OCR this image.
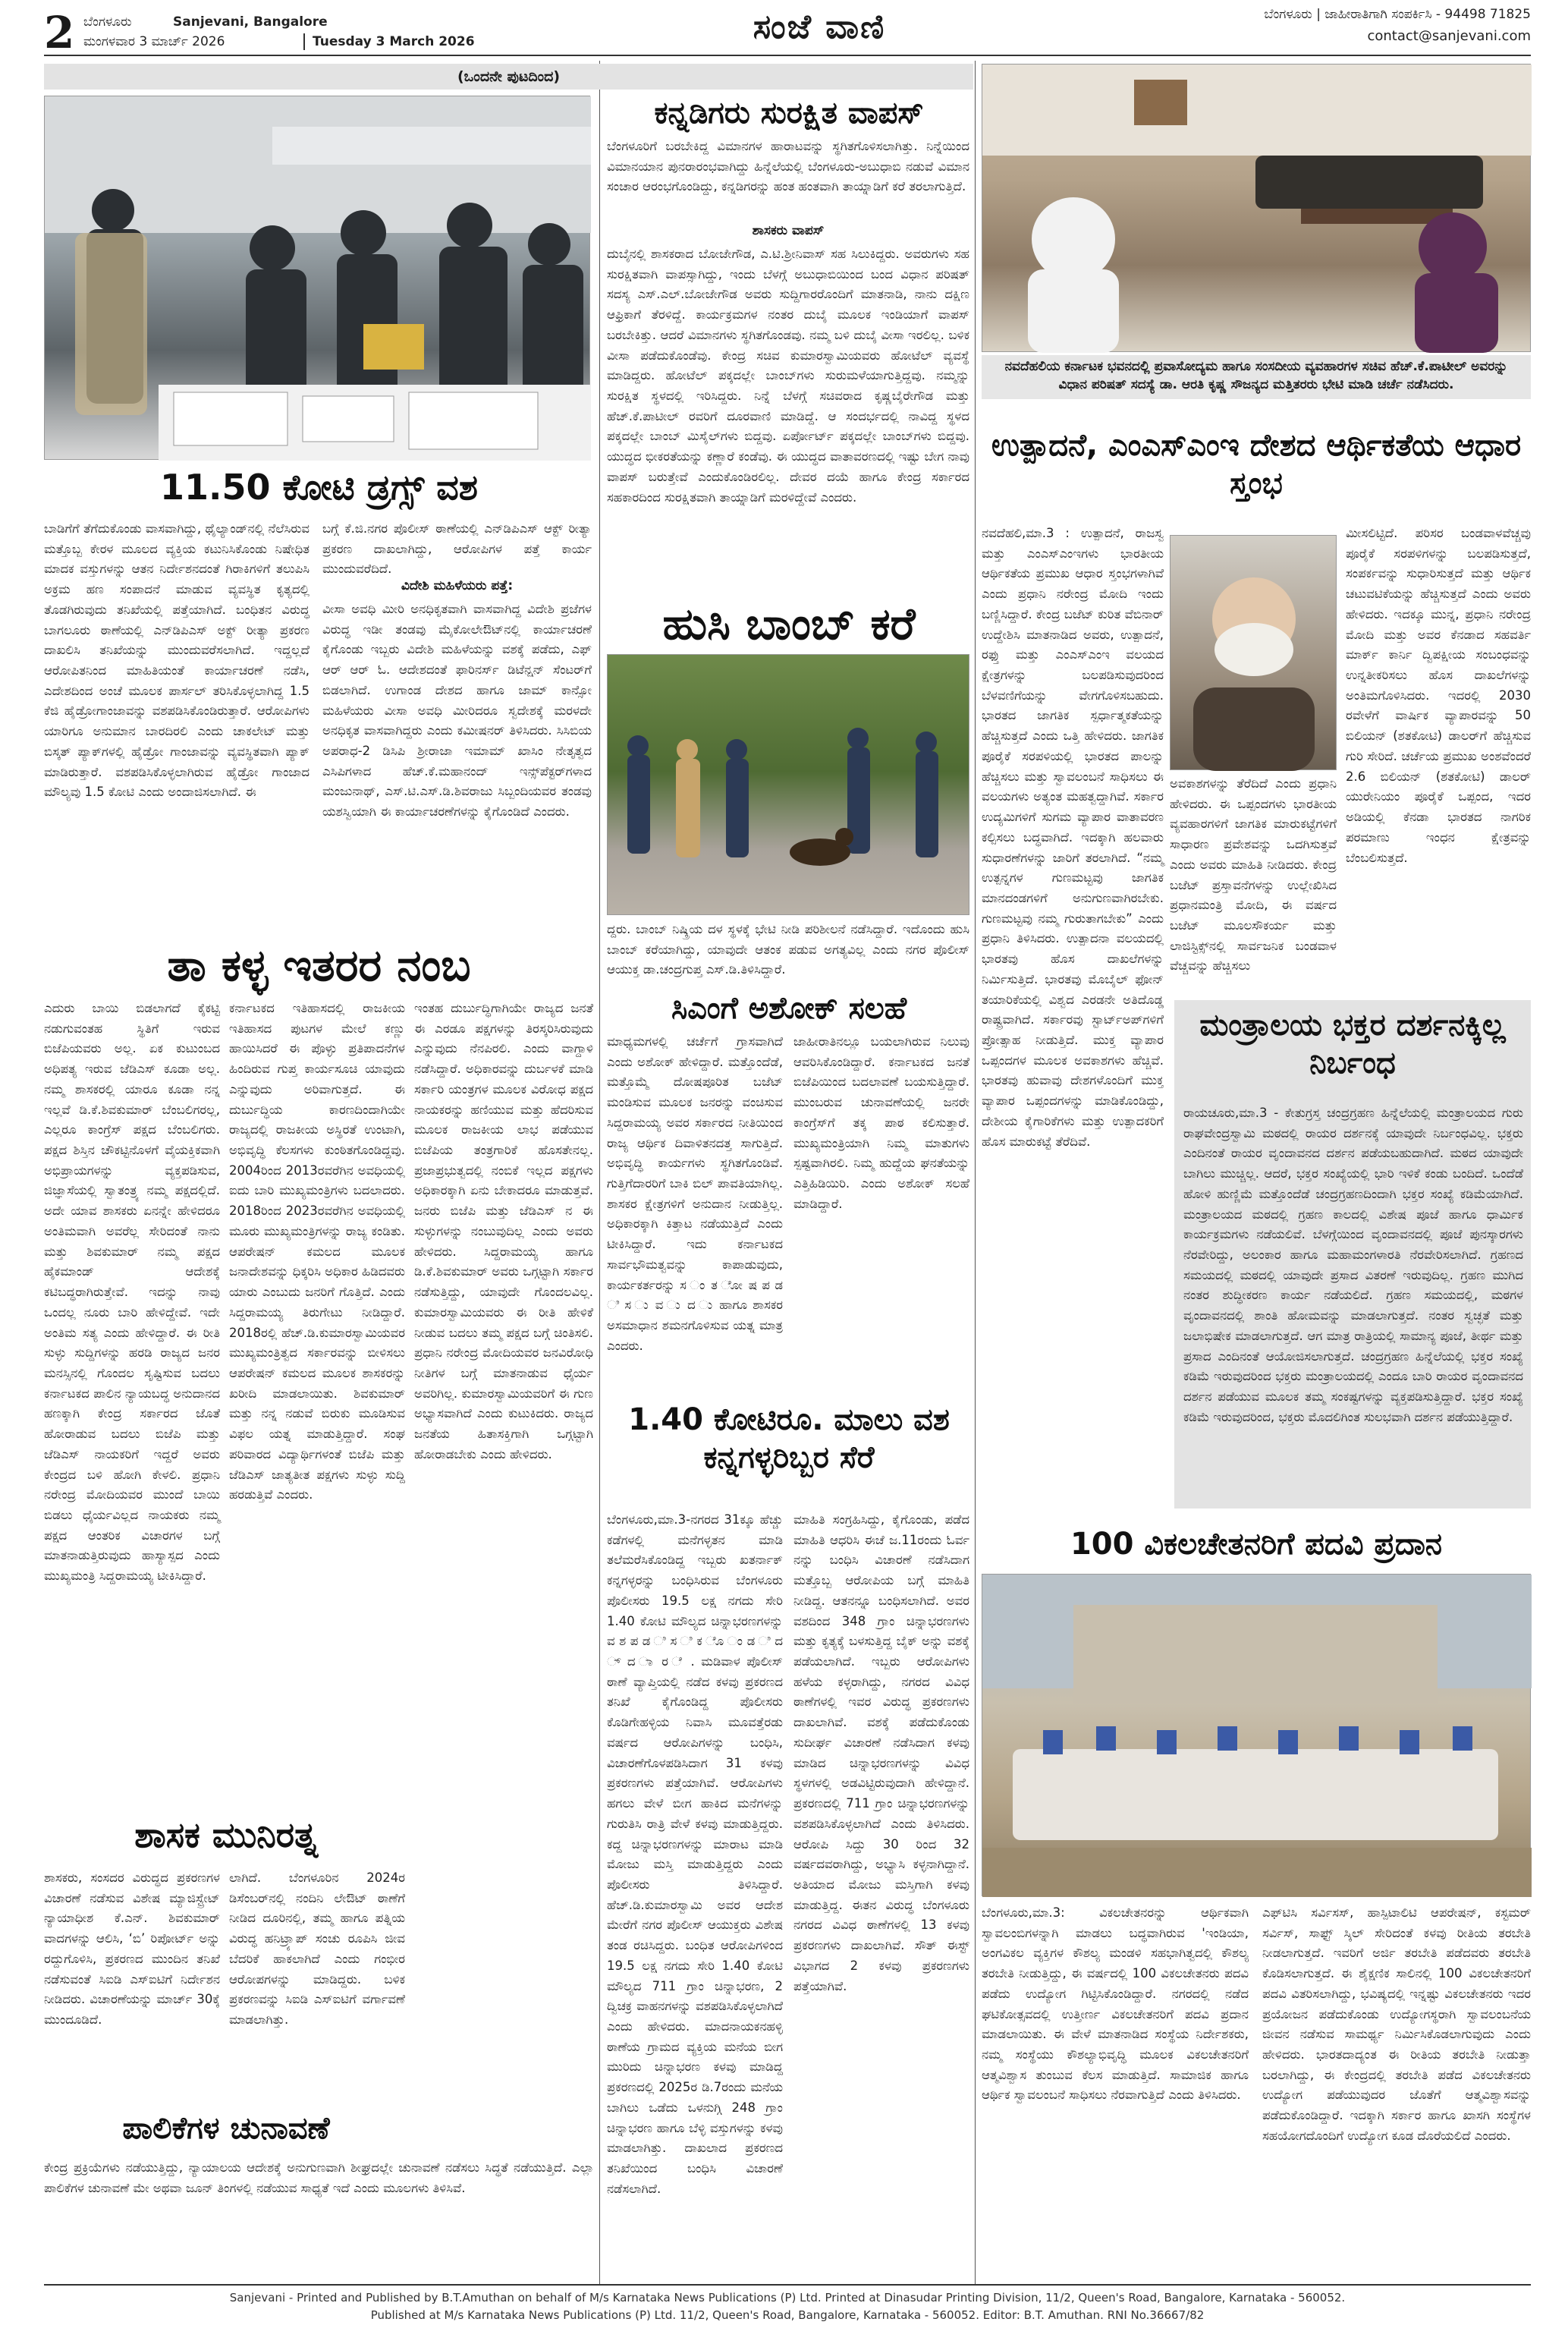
2 ಬೆಂಗಳೂರು
ಮಂಗಳವಾರ 3 ಮಾರ್ಚ್ 2026
Sanjevani, Bangalore
Tuesday 3 March 2026	ಸಂಜೆ ವಾಣಿ	ಬೆಂಗಳೂರು | ಜಾಹೀರಾತಿಗಾಗಿ ಸಂಪರ್ಕಿಸಿ - 94498 71825
contact@sanjevani.com
(ಒಂದನೇ ಪುಟದಿಂದ)
11.50 ಕೋಟಿ ಡ್ರಗ್ಸ್ ವಶ
ಬಾಡಿಗೆಗೆ ತೆಗೆದುಕೊಂಡು ವಾಸವಾಗಿದ್ದು, ಥೈಲ್ಯಾಂಡ್‌ನಲ್ಲಿ ನೆಲೆಸಿರುವ ಮತ್ತೊಬ್ಬ ಕೇರಳ ಮೂಲದ ವ್ಯಕ್ತಿಯ ಕಟುನಿಸಿಕೊಂಡು ನಿಷೇಧಿತ ಮಾದಕ ವಸ್ತುಗಳನ್ನು ಆತನ ನಿರ್ದೇಶನದಂತೆ ಗಿರಾಕಿಗಳಿಗೆ ತಲುಪಿಸಿ ಅಕ್ರಮ ಹಣ ಸಂಪಾದನೆ ಮಾಡುವ ವ್ಯವಸ್ಥಿತ ಕೃತ್ಯದಲ್ಲಿ ತೊಡಗಿರುವುದು ತನಿಖೆಯಲ್ಲಿ ಪತ್ತೆಯಾಗಿದೆ. ಬಂಧಿತನ ವಿರುದ್ಧ ಬಾಗಲೂರು ಠಾಣೆಯಲ್ಲಿ ಎನ್‌ಡಿಪಿಎಸ್ ಅಕ್ಟ್ ರೀತ್ಯಾ ಪ್ರಕರಣ ದಾಖಲಿಸಿ ತನಿಖೆಯನ್ನು ಮುಂದುವರೆಸಲಾಗಿದೆ. ಇದ್ದಲ್ಲದೆ ಆರೋಪಿತನಿಂದ ಮಾಹಿತಿಯಂತೆ ಕಾರ್ಯಾಚರಣೆ ನಡೆಸಿ, ಎದೇಶದಿಂದ ಅಂಚೆ ಮೂಲಕ ಪಾರ್ಸಲ್ ತರಿಸಿಕೊಳ್ಳಲಾಗಿದ್ದ 1.5 ಕೆಜಿ ಹೈಡ್ರೋಗಾಂಜಾವನ್ನು ವಶಪಡಿಸಿಕೊಂಡಿರುತ್ತಾರೆ. ಆರೋಪಿಗಳು ಯಾರಿಗೂ ಅನುಮಾನ ಬಾರದಿರಲಿ ಎಂದು ಚಾಕಲೇಟ್ ಮತ್ತು ಬಿಸ್ಕತ್ ಪ್ಯಾಕ್‌ಗಳಲ್ಲಿ ಹೈಡ್ರೋ ಗಾಂಜಾವನ್ನು ವ್ಯವಸ್ಥಿತವಾಗಿ ಪ್ಯಾಕ್ ಮಾಡಿರುತ್ತಾರೆ. ವಶಪಡಿಸಿಕೊಳ್ಳಲಾಗಿರುವ ಹೈಡ್ರೋ ಗಾಂಜಾದ ಮೌಲ್ಯವು 1.5 ಕೋಟಿ ಎಂದು ಅಂದಾಜಿಸಲಾಗಿದೆ. ಈ
ಬಗ್ಗೆ ಕೆ.ಜಿ.ನಗರ ಪೊಲೀಸ್ ಠಾಣೆಯಲ್ಲಿ ಎನ್‌ಡಿಪಿಎಸ್ ಆಕ್ಟ್ ರೀತ್ಯಾ ಪ್ರಕರಣ ದಾಖಲಾಗಿದ್ದು, ಆರೋಪಿಗಳ ಪತ್ತೆ ಕಾರ್ಯ ಮುಂದುವರೆದಿದೆ.
ವಿದೇಶಿ ಮಹಿಳೆಯರು ಪತ್ತೆ:
ವೀಸಾ ಅವಧಿ ಮೀರಿ ಅನಧಿಕೃತವಾಗಿ ವಾಸವಾಗಿದ್ದ ವಿದೇಶಿ ಪ್ರಜೆಗಳ ವಿರುದ್ಧ ಇಡೀ ತಂಡವು ಮೈಕೋಲೇಔಟ್‌ನಲ್ಲಿ ಕಾರ್ಯಾಚರಣೆ ಕೈಗೊಂಡು ಇಬ್ಬರು ವಿದೇಶಿ ಮಹಿಳೆಯನ್ನು ವಶಕ್ಕೆ ಪಡೆದು, ಎಫ್ ಆರ್ ಆರ್ ಓ. ಆದೇಶದಂತೆ ಫಾರಿನರ್ಸ್ ಡಿಟೆನ್ಷನ್ ಸೆಂಟರ್‌ಗೆ ಬಿಡಲಾಗಿದೆ. ಉಗಾಂಡ ದೇಶದ ಹಾಗೂ ಜಾಮ್ ಕಾನ್ಸೋ ಮಹಿಳೆಯರು ವೀಸಾ ಅವಧಿ ಮೀರಿದರೂ ಸ್ವದೇಶಕ್ಕೆ ಮರಳದೇ ಅನಧಿಕೃತ ವಾಸವಾಗಿದ್ದರು ಎಂದು ಕಮೀಷನರ್ ತಿಳಿಸಿದರು. ಸಿಸಿಬಿಯ ಅಪರಾಧ-2 ಡಿಸಿಪಿ ಶ್ರೀರಾಜಾ ಇಮಾಮ್ ಖಾಸಿಂ ನೇತೃತ್ವದ ಎಸಿಪಿಗಳಾದ ಹೆಚ್.ಕೆ.ಮಹಾನಂದ್ ಇನ್ಸ್‌ಪೆಕ್ಟರ್‌ಗಳಾದ ಮಂಜುನಾಥ್, ಎಸ್.ಟಿ.ಎಸ್.ಡಿ.ಶಿವರಾಜು ಸಿಬ್ಬಂದಿಯವರ ತಂಡವು ಯಶಸ್ವಿಯಾಗಿ ಈ ಕಾರ್ಯಾಚರಣೆಗಳನ್ನು ಕೈಗೊಂಡಿದೆ ಎಂದರು.
ತಾ ಕಳ್ಳ ಇತರರ ನಂಬ
ಎದುರು ಬಾಯಿ ಬಿಡಲಾಗದೆ ಕೈಕಟ್ಟಿ ನಡುಗುವಂತಹ ಸ್ಥಿತಿಗೆ ಇರುವ ಬಿಜೆಪಿಯವರು ಅಲ್ಲ. ಏಕ ಕುಟುಂಬದ ಅಧಿಪತ್ಯ ಇರುವ ಜೆಡಿಎಸ್ ಕೂಡಾ ಅಲ್ಲ. ನಮ್ಮ ಶಾಸಕರಲ್ಲಿ ಯಾರೂ ಕೂಡಾ ನನ್ನ ಇಲ್ಲವೆ ಡಿ.ಕೆ.ಶಿವಕುಮಾರ್ ಬೆಂಬಲಿಗರಲ್ಲ, ಎಲ್ಲರೂ ಕಾಂಗ್ರೆಸ್ ಪಕ್ಷದ ಬೆಂಬಲಿಗರು. ಪಕ್ಷದ ಶಿಸ್ತಿನ ಚೌಕಟ್ಟಿನೊಳಗೆ ವೈಯಕ್ತಿಕವಾಗಿ ಅಭಿಪ್ರಾಯಗಳನ್ನು ವ್ಯಕ್ತಪಡಿಸುವ, ಜಿಜ್ಞಾಸೆಯಲ್ಲಿ ಸ್ವಾತಂತ್ರ್ಯ ನಮ್ಮ ಪಕ್ಷದಲ್ಲಿದೆ. ಅದೇ ಯಾವ ಶಾಸಕರು ಏನನ್ನೇ ಹೇಳಿದರೂ ಅಂತಿಮವಾಗಿ ಅವರೆಲ್ಲ ಸೇರಿದಂತೆ ನಾನು ಮತ್ತು ಶಿವಕುಮಾರ್ ನಮ್ಮ ಪಕ್ಷದ ಹೈಕಮಾಂಡ್ ಆದೇಶಕ್ಕೆ ಕಟಿಬದ್ಧರಾಗಿರುತ್ತೇವೆ. ಇದನ್ನು ನಾವು ಒಂದಲ್ಲ ನೂರು ಬಾರಿ ಹೇಳಿದ್ದೇವೆ. ಇದೇ ಅಂತಿಮ ಸತ್ಯ ಎಂದು ಹೇಳಿದ್ದಾರೆ. ಈ ರೀತಿ ಸುಳ್ಳು ಸುದ್ದಿಗಳನ್ನು ಹರಡಿ ರಾಜ್ಯದ ಜನರ ಮನಸ್ಸಿನಲ್ಲಿ ಗೊಂದಲ ಸೃಷ್ಟಿಸುವ ಬದಲು ಕರ್ನಾಟಕದ ಪಾಲಿನ ನ್ಯಾಯಬದ್ಧ ಅನುದಾನದ ಹಣಕ್ಕಾಗಿ ಕೇಂದ್ರ ಸರ್ಕಾರದ ಜೊತೆ ಹೋರಾಡುವ ಬದಲು ಬಿಜೆಪಿ ಮತ್ತು ಜೆಡಿಎಸ್ ನಾಯಕರಿಗೆ ಇದ್ದರೆ ಅವರು ಕೇಂದ್ರದ ಬಳಿ ಹೋಗಿ ಕೇಳಲಿ. ಪ್ರಧಾನಿ ನರೇಂದ್ರ ಮೋದಿಯವರ ಮುಂದೆ ಬಾಯಿ ಬಿಡಲು ಧೈರ್ಯವಿಲ್ಲದ ನಾಯಕರು ನಮ್ಮ ಪಕ್ಷದ ಆಂತರಿಕ ವಿಚಾರಗಳ ಬಗ್ಗೆ ಮಾತನಾಡುತ್ತಿರುವುದು ಹಾಸ್ಯಾಸ್ಪದ ಎಂದು ಮುಖ್ಯಮಂತ್ರಿ ಸಿದ್ದರಾಮಯ್ಯ ಟೀಕಿಸಿದ್ದಾರೆ.
ಕರ್ನಾಟಕದ ಇತಿಹಾಸದಲ್ಲಿ ರಾಜಕೀಯ ಇತಿಹಾಸದ ಪುಟಗಳ ಮೇಲೆ ಕಣ್ಣು ಹಾಯಿಸಿದರೆ ಈ ಪೊಳ್ಳು ಪ್ರತಿಪಾದನೆಗಳ ಹಿಂದಿರುವ ಗುಪ್ತ ಕಾರ್ಯಸೂಚಿ ಯಾವುದು ಎನ್ನುವುದು ಅರಿವಾಗುತ್ತದೆ. ಈ ದುರ್ಬುದ್ಧಿಯ ಕಾರಣದಿಂದಾಗಿಯೇ ರಾಜ್ಯದಲ್ಲಿ ರಾಜಕೀಯ ಅಸ್ಥಿರತೆ ಉಂಟಾಗಿ, ಅಭಿವೃದ್ಧಿ ಕೆಲಸಗಳು ಕುಂಠಿತಗೊಂಡಿದ್ದವು. 2004ರಿಂದ 2013ರವರೆಗಿನ ಅವಧಿಯಲ್ಲಿ ಐದು ಬಾರಿ ಮುಖ್ಯಮಂತ್ರಿಗಳು ಬದಲಾದರು. 2018ರಿಂದ 2023ರವರೆಗಿನ ಅವಧಿಯಲ್ಲಿ ಮೂರು ಮುಖ್ಯಮಂತ್ರಿಗಳನ್ನು ರಾಜ್ಯ ಕಂಡಿತು. ಆಪರೇಷನ್ ಕಮಲದ ಮೂಲಕ ಜನಾದೇಶವನ್ನು ಧಿಕ್ಕರಿಸಿ ಅಧಿಕಾರ ಹಿಡಿದವರು ಯಾರು ಎಂಬುದು ಜನರಿಗೆ ಗೊತ್ತಿದೆ. ಎಂದು ಸಿದ್ದರಾಮಯ್ಯ ತಿರುಗೇಟು ನೀಡಿದ್ದಾರೆ. 2018ರಲ್ಲಿ ಹೆಚ್.ಡಿ.ಕುಮಾರಸ್ವಾಮಿಯವರ ಮುಖ್ಯಮಂತ್ರಿತ್ವದ ಸರ್ಕಾರವನ್ನು ಬೀಳಿಸಲು ಆಪರೇಷನ್ ಕಮಲದ ಮೂಲಕ ಶಾಸಕರನ್ನು ಖರೀದಿ ಮಾಡಲಾಯಿತು. ಶಿವಕುಮಾರ್ ಮತ್ತು ನನ್ನ ನಡುವೆ ಬಿರುಕು ಮೂಡಿಸುವ ವಿಫಲ ಯತ್ನ ಮಾಡುತ್ತಿದ್ದಾರೆ. ಸಂಘ ಪರಿವಾರದ ವಿದ್ಯಾರ್ಥಿಗಳಂತೆ ಬಿಜೆಪಿ ಮತ್ತು ಜೆಡಿಎಸ್ ಜಾತ್ಯತೀತ ಪಕ್ಷಗಳು ಸುಳ್ಳು ಸುದ್ದಿ ಹರಡುತ್ತಿವೆ ಎಂದರು.
ಇಂತಹ ದುರ್ಬುದ್ಧಿಗಾಗಿಯೇ ರಾಜ್ಯದ ಜನತೆ ಈ ಎರಡೂ ಪಕ್ಷಗಳನ್ನು ತಿರಸ್ಕರಿಸಿರುವುದು ಎನ್ನುವುದು ನೆನಪಿರಲಿ. ಎಂದು ವಾಗ್ದಾಳಿ ನಡೆಸಿದ್ದಾರೆ. ಅಧಿಕಾರವನ್ನು ದುರ್ಬಳಕೆ ಮಾಡಿ ಸರ್ಕಾರಿ ಯಂತ್ರಗಳ ಮೂಲಕ ವಿರೋಧ ಪಕ್ಷದ ನಾಯಕರನ್ನು ಹಣಿಯುವ ಮತ್ತು ಹೆದರಿಸುವ ಮೂಲಕ ರಾಜಕೀಯ ಲಾಭ ಪಡೆಯುವ ಬಿಜೆಪಿಯ ತಂತ್ರಗಾರಿಕೆ ಹೊಸತೇನಲ್ಲ. ಪ್ರಜಾಪ್ರಭುತ್ವದಲ್ಲಿ ನಂಬಿಕೆ ಇಲ್ಲದ ಪಕ್ಷಗಳು ಅಧಿಕಾರಕ್ಕಾಗಿ ಏನು ಬೇಕಾದರೂ ಮಾಡುತ್ತವೆ. ಜನರು ಬಿಜೆಪಿ ಮತ್ತು ಜೆಡಿಎಸ್ ನ ಈ ಸುಳ್ಳುಗಳನ್ನು ನಂಬುವುದಿಲ್ಲ ಎಂದು ಅವರು ಹೇಳಿದರು. ಸಿದ್ದರಾಮಯ್ಯ ಹಾಗೂ ಡಿ.ಕೆ.ಶಿವಕುಮಾರ್ ಅವರು ಒಗ್ಗಟ್ಟಾಗಿ ಸರ್ಕಾರ ನಡೆಸುತ್ತಿದ್ದು, ಯಾವುದೇ ಗೊಂದಲವಿಲ್ಲ. ಕುಮಾರಸ್ವಾಮಿಯವರು ಈ ರೀತಿ ಹೇಳಿಕೆ ನೀಡುವ ಬದಲು ತಮ್ಮ ಪಕ್ಷದ ಬಗ್ಗೆ ಚಿಂತಿಸಲಿ. ಪ್ರಧಾನಿ ನರೇಂದ್ರ ಮೋದಿಯವರ ಜನವಿರೋಧಿ ನೀತಿಗಳ ಬಗ್ಗೆ ಮಾತನಾಡುವ ಧೈರ್ಯ ಅವರಿಗಿಲ್ಲ. ಕುಮಾರಸ್ವಾಮಿಯವರಿಗೆ ಈ ಗುಣ ಅಭ್ಯಾಸವಾಗಿದೆ ಎಂದು ಕುಟುಕಿದರು. ರಾಜ್ಯದ ಜನತೆಯ ಹಿತಾಸಕ್ತಿಗಾಗಿ ಒಗ್ಗಟ್ಟಾಗಿ ಹೋರಾಡಬೇಕು ಎಂದು ಹೇಳಿದರು.
ಶಾಸಕ ಮುನಿರತ್ನ
ಶಾಸಕರು, ಸಂಸದರ ವಿರುದ್ಧದ ಪ್ರಕರಣಗಳ ವಿಚಾರಣೆ ನಡೆಸುವ ವಿಶೇಷ ಮ್ಯಾಜಿಸ್ಟ್ರೇಟ್ ನ್ಯಾಯಾಧೀಶ ಕೆ.ಎನ್. ಶಿವಕುಮಾರ್ ವಾದಗಳನ್ನು ಆಲಿಸಿ, ‘ಬಿ’ ರಿಪೋರ್ಟ್ ಅನ್ನು ರದ್ದುಗೊಳಿಸಿ, ಪ್ರಕರಣದ ಮುಂದಿನ ತನಿಖೆ ನಡೆಸುವಂತೆ ಸಿಐಡಿ ಎಸ್‌ಐಟಿಗೆ ನಿರ್ದೇಶನ ನೀಡಿದರು. ವಿಚಾರಣೆಯನ್ನು ಮಾರ್ಚ್ 30ಕ್ಕೆ ಮುಂದೂಡಿದೆ.
ಲಾಗಿದೆ. ಬೆಂಗಳೂರಿನ 2024ರ ಡಿಸೆಂಬರ್‌ನಲ್ಲಿ ನಂದಿನಿ ಲೇಔಟ್ ಠಾಣೆಗೆ ನೀಡಿದ ದೂರಿನಲ್ಲಿ, ತಮ್ಮ ಹಾಗೂ ಪತ್ನಿಯ ವಿರುದ್ಧ ಹನಿಟ್ರ್ಯಾಪ್ ಸಂಚು ರೂಪಿಸಿ ಜೀವ ಬೆದರಿಕೆ ಹಾಕಲಾಗಿದೆ ಎಂದು ಗಂಭೀರ ಆರೋಪಗಳನ್ನು ಮಾಡಿದ್ದರು. ಬಳಿಕ ಪ್ರಕರಣವನ್ನು ಸಿಐಡಿ ಎಸ್‌ಐಟಿಗೆ ವರ್ಗಾವಣೆ ಮಾಡಲಾಗಿತ್ತು.
ಪಾಲಿಕೆಗಳ ಚುನಾವಣೆ
ಕೇಂದ್ರ ಪ್ರಕ್ರಿಯೆಗಳು ನಡೆಯುತ್ತಿದ್ದು, ನ್ಯಾಯಾಲಯ ಆದೇಶಕ್ಕೆ ಅನುಗುಣವಾಗಿ ಶೀಘ್ರದಲ್ಲೇ ಚುನಾವಣೆ ನಡೆಸಲು ಸಿದ್ಧತೆ ನಡೆಯುತ್ತಿದೆ. ಎಲ್ಲಾ ಪಾಲಿಕೆಗಳ ಚುನಾವಣೆ ಮೇ ಅಥವಾ ಜೂನ್ ತಿಂಗಳಲ್ಲಿ ನಡೆಯುವ ಸಾಧ್ಯತೆ ಇದೆ ಎಂದು ಮೂಲಗಳು ತಿಳಿಸಿವೆ.
ಕನ್ನಡಿಗರು ಸುರಕ್ಷಿತ ವಾಪಸ್
ಬೆಂಗಳೂರಿಗೆ ಬರಬೇಕಿದ್ದ ವಿಮಾನಗಳ ಹಾರಾಟವನ್ನು ಸ್ಥಗಿತಗೊಳಿಸಲಾಗಿತ್ತು. ನಿನ್ನೆಯಿಂದ ವಿಮಾನಯಾನ ಪುನರಾರಂಭವಾಗಿದ್ದು ಹಿನ್ನೆಲೆಯಲ್ಲಿ ಬೆಂಗಳೂರು-ಅಬುಧಾಬಿ ನಡುವೆ ವಿಮಾನ ಸಂಚಾರ ಆರಂಭಗೊಂಡಿದ್ದು, ಕನ್ನಡಿಗರನ್ನು ಹಂತ ಹಂತವಾಗಿ ತಾಯ್ನಾಡಿಗೆ ಕರೆ ತರಲಾಗುತ್ತಿದೆ.
ಶಾಸಕರು ವಾಪಸ್
ದುಬೈನಲ್ಲಿ ಶಾಸಕರಾದ ಬೋಜೇಗೌಡ, ಎ.ಟಿ.ಶ್ರೀನಿವಾಸ್ ಸಹ ಸಿಲುಕಿದ್ದರು. ಅವರುಗಳು ಸಹ ಸುರಕ್ಷಿತವಾಗಿ ವಾಪಸ್ಸಾಗಿದ್ದು, ಇಂದು ಬೆಳಗ್ಗೆ ಅಬುಧಾಬಿಯಿಂದ ಬಂದ ವಿಧಾನ ಪರಿಷತ್ ಸದಸ್ಯ ಎಸ್.ಎಲ್.ಬೋಜೇಗೌಡ ಅವರು ಸುದ್ದಿಗಾರರೊಂದಿಗೆ ಮಾತನಾಡಿ, ನಾನು ದಕ್ಷಿಣ ಆಫ್ರಿಕಾಗೆ ತೆರಳಿದ್ದೆ. ಕಾರ್ಯಕ್ರಮಗಳ ನಂತರ ದುಬೈ ಮೂಲಕ ಇಂಡಿಯಾಗೆ ವಾಪಸ್ ಬರಬೇಕಿತ್ತು. ಆದರೆ ವಿಮಾನಗಳು ಸ್ಥಗಿತಗೊಂಡವು. ನಮ್ಮ ಬಳಿ ದುಬೈ ವೀಸಾ ಇರಲಿಲ್ಲ. ಬಳಿಕ ವೀಸಾ ಪಡೆದುಕೊಂಡೆವು. ಕೇಂದ್ರ ಸಚಿವ ಕುಮಾರಸ್ವಾಮಿಯವರು ಹೋಟೆಲ್ ವ್ಯವಸ್ಥೆ ಮಾಡಿದ್ದರು. ಹೋಟೆಲ್ ಪಕ್ಕದಲ್ಲೇ ಬಾಂಬ್‌ಗಳು ಸುರುಮಳೆಯಾಗುತ್ತಿದ್ದವು. ನಮ್ಮನ್ನು ಸುರಕ್ಷಿತ ಸ್ಥಳದಲ್ಲಿ ಇರಿಸಿದ್ದರು. ನಿನ್ನೆ ಬೆಳಗ್ಗೆ ಸಚಿವರಾದ ಕೃಷ್ಣಬೈರೇಗೌಡ ಮತ್ತು ಹೆಚ್.ಕೆ.ಪಾಟೀಲ್ ರವರಿಗೆ ದೂರವಾಣಿ ಮಾಡಿದ್ದೆ. ಆ ಸಂದರ್ಭದಲ್ಲಿ ನಾವಿದ್ದ ಸ್ಥಳದ ಪಕ್ಕದಲ್ಲೇ ಬಾಂಬ್ ಮಿಸೈಲ್‌ಗಳು ಬಿದ್ದವು. ಏರ್ಪೋರ್ಟ್ ಪಕ್ಕದಲ್ಲೇ ಬಾಂಬ್‌ಗಳು ಬಿದ್ದವು. ಯುದ್ಧದ ಭೀಕರತೆಯನ್ನು ಕಣ್ಣಾರೆ ಕಂಡೆವು. ಈ ಯುದ್ಧದ ವಾತಾವರಣದಲ್ಲಿ ಇಷ್ಟು ಬೇಗ ನಾವು ವಾಪಸ್ ಬರುತ್ತೇವೆ ಎಂದುಕೊಂಡಿರಲಿಲ್ಲ. ದೇವರ ದಯೆ ಹಾಗೂ ಕೇಂದ್ರ ಸರ್ಕಾರದ ಸಹಕಾರದಿಂದ ಸುರಕ್ಷಿತವಾಗಿ ತಾಯ್ನಾಡಿಗೆ ಮರಳಿದ್ದೇವೆ ಎಂದರು.
ಹುಸಿ ಬಾಂಬ್ ಕರೆ
ದ್ದರು. ಬಾಂಬ್ ನಿಷ್ಕ್ರಿಯ ದಳ ಸ್ಥಳಕ್ಕೆ ಭೇಟಿ ನೀಡಿ ಪರಿಶೀಲನೆ ನಡೆಸಿದ್ದಾರೆ. ಇದೊಂದು ಹುಸಿ ಬಾಂಬ್ ಕರೆಯಾಗಿದ್ದು, ಯಾವುದೇ ಆತಂಕ ಪಡುವ ಅಗತ್ಯವಿಲ್ಲ ಎಂದು ನಗರ ಪೊಲೀಸ್ ಆಯುಕ್ತ ಡಾ.ಚಂದ್ರಗುಪ್ತ ಎಸ್.ಡಿ.ತಿಳಿಸಿದ್ದಾರೆ.
ಸಿಎಂಗೆ ಅಶೋಕ್ ಸಲಹೆ
ಮಾಧ್ಯಮಗಳಲ್ಲಿ ಚರ್ಚೆಗೆ ಗ್ರಾಸವಾಗಿದೆ ಎಂದು ಅಶೋಕ್ ಹೇಳಿದ್ದಾರೆ. ಮತ್ತೊಂದೆಡೆ, ಮತ್ತೊಮ್ಮೆ ದೋಷಪೂರಿತ ಬಜೆಟ್ ಮಂಡಿಸುವ ಮೂಲಕ ಜನರನ್ನು ವಂಚಿಸುವ ಸಿದ್ದರಾಮಯ್ಯ ಅವರ ಸರ್ಕಾರದ ನೀತಿಯಿಂದ ರಾಜ್ಯ ಆರ್ಥಿಕ ದಿವಾಳಿತನದತ್ತ ಸಾಗುತ್ತಿದೆ. ಅಭಿವೃದ್ಧಿ ಕಾರ್ಯಗಳು ಸ್ಥಗಿತಗೊಂಡಿವೆ. ಗುತ್ತಿಗೆದಾರರಿಗೆ ಬಾಕಿ ಬಿಲ್ ಪಾವತಿಯಾಗಿಲ್ಲ. ಶಾಸಕರ ಕ್ಷೇತ್ರಗಳಿಗೆ ಅನುದಾನ ನೀಡುತ್ತಿಲ್ಲ. ಅಧಿಕಾರಕ್ಕಾಗಿ ಕಿತ್ತಾಟ ನಡೆಯುತ್ತಿದೆ ಎಂದು ಟೀಕಿಸಿದ್ದಾರೆ. ಇದು ಕರ್ನಾಟಕದ ಸಾರ್ವಭೌಮತ್ವವನ್ನು ಕಾಪಾಡುವುದು, ಕಾರ್ಯಕರ್ತರನ್ನು ಸ ಂ ತ ೋ ಷ ಪ ಡ ಿ ಸ ು ವ ು ದ ು ಹಾಗೂ ಶಾಸಕರ ಅಸಮಾಧಾನ ಶಮನಗೊಳಿಸುವ ಯತ್ನ ಮಾತ್ರ ಎಂದರು.
ಜಾಹೀರಾತಿನಲ್ಲೂ ಬಯಲಾಗಿರುವ ನಿಲುವು ಆವರಿಸಿಕೊಂಡಿದ್ದಾರೆ. ಕರ್ನಾಟಕದ ಜನತೆ ಬಿಜೆಪಿಯಿಂದ ಬದಲಾವಣೆ ಬಯಸುತ್ತಿದ್ದಾರೆ. ಮುಂಬರುವ ಚುನಾವಣೆಯಲ್ಲಿ ಜನರೇ ಕಾಂಗ್ರೆಸ್‌ಗೆ ತಕ್ಕ ಪಾಠ ಕಲಿಸುತ್ತಾರೆ. ಮುಖ್ಯಮಂತ್ರಿಯಾಗಿ ನಿಮ್ಮ ಮಾತುಗಳು ಸ್ಪಷ್ಟವಾಗಿರಲಿ. ನಿಮ್ಮ ಹುದ್ದೆಯ ಘನತೆಯನ್ನು ಎತ್ತಿಹಿಡಿಯಿರಿ. ಎಂದು ಅಶೋಕ್ ಸಲಹೆ ಮಾಡಿದ್ದಾರೆ.
1.40 ಕೋಟಿರೂ. ಮಾಲು ವಶ ಕನ್ನಗಳ್ಳರಿಬ್ಬರ ಸೆರೆ
ಬೆಂಗಳೂರು,ಮಾ.3-ನಗರದ 31ಕ್ಕೂ ಹೆಚ್ಚು ಕಡೆಗಳಲ್ಲಿ ಮನೆಗಳ್ಳತನ ಮಾಡಿ ತಲೆಮರೆಸಿಕೊಂಡಿದ್ದ ಇಬ್ಬರು ಖತರ್ನಾಕ್ ಕನ್ನಗಳ್ಳರನ್ನು ಬಂಧಿಸಿರುವ ಬೆಂಗಳೂರು ಪೊಲೀಸರು 19.5 ಲಕ್ಷ ನಗದು ಸೇರಿ 1.40 ಕೋಟಿ ಮೌಲ್ಯದ ಚಿನ್ನಾಭರಣಗಳನ್ನು ವ ಶ ಪ ಡ ಿ ಸ ಿ ಕ ೊ ಂ ಡ ಿ ದ ್ ದ ಾ ರ ೆ . ಮಡಿವಾಳ ಪೊಲೀಸ್ ಠಾಣೆ ವ್ಯಾಪ್ತಿಯಲ್ಲಿ ನಡೆದ ಕಳವು ಪ್ರಕರಣದ ತನಿಖೆ ಕೈಗೊಂಡಿದ್ದ ಪೊಲೀಸರು ಕೊಡಿಗೇಹಳ್ಳಿಯ ನಿವಾಸಿ ಮೂವತ್ತೆರಡು ವರ್ಷದ ಆರೋಪಿಗಳನ್ನು ಬಂಧಿಸಿ, ವಿಚಾರಣೆಗೊಳಪಡಿಸಿದಾಗ 31 ಕಳವು ಪ್ರಕರಣಗಳು ಪತ್ತೆಯಾಗಿವೆ. ಆರೋಪಿಗಳು ಹಗಲು ವೇಳೆ ಬೀಗ ಹಾಕಿದ ಮನೆಗಳನ್ನು ಗುರುತಿಸಿ ರಾತ್ರಿ ವೇಳೆ ಕಳವು ಮಾಡುತ್ತಿದ್ದರು. ಕದ್ದ ಚಿನ್ನಾಭರಣಗಳನ್ನು ಮಾರಾಟ ಮಾಡಿ ಮೋಜು ಮಸ್ತಿ ಮಾಡುತ್ತಿದ್ದರು ಎಂದು ಪೊಲೀಸರು ತಿಳಿಸಿದ್ದಾರೆ. ಹೆಚ್.ಡಿ.ಕುಮಾರಸ್ವಾಮಿ ಅವರ ಆದೇಶ ಮೇರೆಗೆ ನಗರ ಪೊಲೀಸ್ ಆಯುಕ್ತರು ವಿಶೇಷ ತಂಡ ರಚಿಸಿದ್ದರು. ಬಂಧಿತ ಆರೋಪಿಗಳಿಂದ 19.5 ಲಕ್ಷ ನಗದು ಸೇರಿ 1.40 ಕೋಟಿ ಮೌಲ್ಯದ 711 ಗ್ರಾಂ ಚಿನ್ನಾಭರಣ, 2 ದ್ವಿಚಕ್ರ ವಾಹನಗಳನ್ನು ವಶಪಡಿಸಿಕೊಳ್ಳಲಾಗಿದೆ ಎಂದು ಹೇಳಿದರು. ಮಾದನಾಯಕನಹಳ್ಳಿ ಠಾಣೆಯ ಗ್ರಾಮದ ವ್ಯಕ್ತಿಯ ಮನೆಯ ಬೀಗ ಮುರಿದು ಚಿನ್ನಾಭರಣ ಕಳವು ಮಾಡಿದ್ದ ಪ್ರಕರಣದಲ್ಲಿ 2025ರ ಡಿ.7ರಂದು ಮನೆಯ ಬಾಗಿಲು ಒಡೆದು ಒಳನುಗ್ಗಿ 248 ಗ್ರಾಂ ಚಿನ್ನಾಭರಣ ಹಾಗೂ ಬೆಳ್ಳಿ ವಸ್ತುಗಳನ್ನು ಕಳವು ಮಾಡಲಾಗಿತ್ತು. ದಾಖಲಾದ ಪ್ರಕರಣದ ತನಿಖೆಯಿಂದ ಬಂಧಿಸಿ ವಿಚಾರಣೆ ನಡೆಸಲಾಗಿದೆ.
ಮಾಹಿತಿ ಸಂಗ್ರಹಿಸಿದ್ದು, ಕೈಗೊಂಡು, ಪಡೆದ ಮಾಹಿತಿ ಆಧರಿಸಿ ಈಚೆ ಜ.11ರಂದು ಓರ್ವ ನನ್ನು ಬಂಧಿಸಿ ವಿಚಾರಣೆ ನಡೆಸಿದಾಗ ಮತ್ತೊಬ್ಬ ಆರೋಪಿಯ ಬಗ್ಗೆ ಮಾಹಿತಿ ನೀಡಿದ್ದ. ಆತನನ್ನೂ ಬಂಧಿಸಲಾಗಿದೆ. ಅವರ ವಶದಿಂದ 348 ಗ್ರಾಂ ಚಿನ್ನಾಭರಣಗಳು ಮತ್ತು ಕೃತ್ಯಕ್ಕೆ ಬಳಸುತ್ತಿದ್ದ ಬೈಕ್ ಅನ್ನು ವಶಕ್ಕೆ ಪಡೆಯಲಾಗಿದೆ. ಇಬ್ಬರು ಆರೋಪಿಗಳು ಹಳೆಯ ಕಳ್ಳರಾಗಿದ್ದು, ನಗರದ ವಿವಿಧ ಠಾಣೆಗಳಲ್ಲಿ ಇವರ ವಿರುದ್ಧ ಪ್ರಕರಣಗಳು ದಾಖಲಾಗಿವೆ. ವಶಕ್ಕೆ ಪಡೆದುಕೊಂಡು ಸುದೀರ್ಘ ವಿಚಾರಣೆ ನಡೆಸಿದಾಗ ಕಳವು ಮಾಡಿದ ಚಿನ್ನಾಭರಣಗಳನ್ನು ವಿವಿಧ ಸ್ಥಳಗಳಲ್ಲಿ ಅಡವಿಟ್ಟಿರುವುದಾಗಿ ಹೇಳಿದ್ದಾನೆ. ಪ್ರಕರಣದಲ್ಲಿ 711 ಗ್ರಾಂ ಚಿನ್ನಾಭರಣಗಳನ್ನು ವಶಪಡಿಸಿಕೊಳ್ಳಲಾಗಿದೆ ಎಂದು ತಿಳಿಸಿದರು. ಆರೋಪಿ ಸಿದ್ದು 30 ರಿಂದ 32 ವರ್ಷದವರಾಗಿದ್ದು, ಅಭ್ಯಾಸಿ ಕಳ್ಳನಾಗಿದ್ದಾನೆ. ಅತಿಯಾದ ಮೋಜು ಮಸ್ತಿಗಾಗಿ ಕಳವು ಮಾಡುತ್ತಿದ್ದ. ಈತನ ವಿರುದ್ಧ ಬೆಂಗಳೂರು ನಗರದ ವಿವಿಧ ಠಾಣೆಗಳಲ್ಲಿ 13 ಕಳವು ಪ್ರಕರಣಗಳು ದಾಖಲಾಗಿವೆ. ಸೌತ್ ಈಸ್ಟ್ ವಿಭಾಗದ 2 ಕಳವು ಪ್ರಕರಣಗಳು ಪತ್ತೆಯಾಗಿವೆ.
ನವದೆಹಲಿಯ ಕರ್ನಾಟಕ ಭವನದಲ್ಲಿ ಪ್ರವಾಸೋದ್ಯಮ ಹಾಗೂ ಸಂಸದೀಯ ವ್ಯವಹಾರಗಳ ಸಚಿವ ಹೆಚ್.ಕೆ.ಪಾಟೀಲ್ ಅವರನ್ನು ವಿಧಾನ ಪರಿಷತ್ ಸದಸ್ಯೆ ಡಾ. ಆರತಿ ಕೃಷ್ಣ ಸೌಜನ್ಯದ ಮತ್ತಿತರರು ಭೇಟಿ ಮಾಡಿ ಚರ್ಚೆ ನಡೆಸಿದರು.
ಉತ್ಪಾದನೆ, ಎಂಎಸ್‌ಎಂಇ ದೇಶದ ಆರ್ಥಿಕತೆಯ ಆಧಾರ ಸ್ತಂಭ
ನವದೆಹಲಿ,ಮಾ.3 : ಉತ್ಪಾದನೆ, ರಾಜಸ್ವ ಮತ್ತು ಎಂಎಸ್‌ಎಂಇಗಳು ಭಾರತೀಯ ಆರ್ಥಿಕತೆಯ ಪ್ರಮುಖ ಆಧಾರ ಸ್ತಂಭಗಳಾಗಿವೆ ಎಂದು ಪ್ರಧಾನಿ ನರೇಂದ್ರ ಮೋದಿ ಇಂದು ಬಣ್ಣಿಸಿದ್ದಾರೆ. ಕೇಂದ್ರ ಬಜೆಟ್ ಕುರಿತ ವೆಬಿನಾರ್ ಉದ್ದೇಶಿಸಿ ಮಾತನಾಡಿದ ಅವರು, ಉತ್ಪಾದನೆ, ರಫ್ತು ಮತ್ತು ಎಂಎಸ್‌ಎಂಇ ವಲಯದ ಕ್ಷೇತ್ರಗಳನ್ನು ಬಲಪಡಿಸುವುದರಿಂದ ಬೆಳವಣಿಗೆಯನ್ನು ವೇಗಗೊಳಿಸಬಹುದು. ಭಾರತದ ಜಾಗತಿಕ ಸ್ಪರ್ಧಾತ್ಮಕತೆಯನ್ನು ಹೆಚ್ಚಿಸುತ್ತದೆ ಎಂದು ಒತ್ತಿ ಹೇಳಿದರು. ಜಾಗತಿಕ ಪೂರೈಕೆ ಸರಪಳಿಯಲ್ಲಿ ಭಾರತದ ಪಾಲನ್ನು ಹೆಚ್ಚಿಸಲು ಮತ್ತು ಸ್ವಾವಲಂಬನೆ ಸಾಧಿಸಲು ಈ ವಲಯಗಳು ಅತ್ಯಂತ ಮಹತ್ವದ್ದಾಗಿವೆ. ಸರ್ಕಾರ ಉದ್ಯಮಿಗಳಿಗೆ ಸುಗಮ ವ್ಯಾಪಾರ ವಾತಾವರಣ ಕಲ್ಪಿಸಲು ಬದ್ಧವಾಗಿದೆ. ಇದಕ್ಕಾಗಿ ಹಲವಾರು ಸುಧಾರಣೆಗಳನ್ನು ಜಾರಿಗೆ ತರಲಾಗಿದೆ. “ನಮ್ಮ ಉತ್ಪನ್ನಗಳ ಗುಣಮಟ್ಟವು ಜಾಗತಿಕ ಮಾನದಂಡಗಳಿಗೆ ಅನುಗುಣವಾಗಿರಬೇಕು. ಗುಣಮಟ್ಟವು ನಮ್ಮ ಗುರುತಾಗಬೇಕು” ಎಂದು ಪ್ರಧಾನಿ ತಿಳಿಸಿದರು. ಉತ್ಪಾದನಾ ವಲಯದಲ್ಲಿ ಭಾರತವು ಹೊಸ ದಾಖಲೆಗಳನ್ನು ನಿರ್ಮಿಸುತ್ತಿದೆ. ಭಾರತವು ಮೊಬೈಲ್ ಫೋನ್ ತಯಾರಿಕೆಯಲ್ಲಿ ವಿಶ್ವದ ಎರಡನೇ ಅತಿದೊಡ್ಡ ರಾಷ್ಟ್ರವಾಗಿದೆ. ಸರ್ಕಾರವು ಸ್ಟಾರ್ಟ್‌ಅಪ್‌ಗಳಿಗೆ ಪ್ರೋತ್ಸಾಹ ನೀಡುತ್ತಿದೆ. ಮುಕ್ತ ವ್ಯಾಪಾರ ಒಪ್ಪಂದಗಳ ಮೂಲಕ ಅವಕಾಶಗಳು ಹೆಚ್ಚಿವೆ. ಭಾರತವು ಹುವಾವು ದೇಶಗಳೊಂದಿಗೆ ಮುಕ್ತ ವ್ಯಾಪಾರ ಒಪ್ಪಂದಗಳನ್ನು ಮಾಡಿಕೊಂಡಿದ್ದು, ದೇಶೀಯ ಕೈಗಾರಿಕೆಗಳು ಮತ್ತು ಉತ್ಪಾದಕರಿಗೆ ಹೊಸ ಮಾರುಕಟ್ಟೆ ತೆರೆದಿವೆ.
ಅವಕಾಶಗಳನ್ನು ತೆರೆದಿದೆ ಎಂದು ಪ್ರಧಾನಿ ಹೇಳಿದರು. ಈ ಒಪ್ಪಂದಗಳು ಭಾರತೀಯ ವ್ಯವಹಾರಗಳಿಗೆ ಜಾಗತಿಕ ಮಾರುಕಟ್ಟೆಗಳಿಗೆ ಸಾಧಾರಣ ಪ್ರವೇಶವನ್ನು ಒದಗಿಸುತ್ತವೆ ಎಂದು ಅವರು ಮಾಹಿತಿ ನೀಡಿದರು. ಕೇಂದ್ರ ಬಜೆಟ್ ಪ್ರಸ್ತಾವನೆಗಳನ್ನು ಉಲ್ಲೇಖಿಸಿದ ಪ್ರಧಾನಮಂತ್ರಿ ಮೋದಿ, ಈ ವರ್ಷದ ಬಜೆಟ್ ಮೂಲಸೌಕರ್ಯ ಮತ್ತು ಲಾಜಿಸ್ಟಿಕ್ಸ್‌ನಲ್ಲಿ ಸಾರ್ವಜನಿಕ ಬಂಡವಾಳ ವೆಚ್ಚವನ್ನು ಹೆಚ್ಚಿಸಲು
ಮೀಸಲಿಟ್ಟಿದೆ. ಪರಿಸರ ಬಂಡವಾಳವೆಚ್ಚವು ಪೂರೈಕೆ ಸರಪಳಿಗಳನ್ನು ಬಲಪಡಿಸುತ್ತದೆ, ಸಂಪರ್ಕವನ್ನು ಸುಧಾರಿಸುತ್ತದೆ ಮತ್ತು ಆರ್ಥಿಕ ಚಟುವಟಿಕೆಯನ್ನು ಹೆಚ್ಚಿಸುತ್ತದೆ ಎಂದು ಅವರು ಹೇಳಿದರು. ಇದಕ್ಕೂ ಮುನ್ನ, ಪ್ರಧಾನಿ ನರೇಂದ್ರ ಮೋದಿ ಮತ್ತು ಅವರ ಕೆನಡಾದ ಸಹವರ್ತಿ ಮಾರ್ಕ್ ಕಾರ್ನಿ ದ್ವಿಪಕ್ಷೀಯ ಸಂಬಂಧವನ್ನು ಉನ್ನತೀಕರಿಸಲು ಹೊಸ ದಾಖಲೆಗಳನ್ನು ಅಂತಿಮಗೊಳಿಸಿದರು. ಇದರಲ್ಲಿ 2030 ರವೇಳೆಗೆ ವಾರ್ಷಿಕ ವ್ಯಾಪಾರವನ್ನು 50 ಬಿಲಿಯನ್ (ಶತಕೋಟಿ) ಡಾಲರ್‌ಗೆ ಹೆಚ್ಚಿಸುವ ಗುರಿ ಸೇರಿದೆ. ಚರ್ಚೆಯ ಪ್ರಮುಖ ಅಂಶವೆಂದರೆ 2.6 ಬಿಲಿಯನ್ (ಶತಕೋಟಿ) ಡಾಲರ್ ಯುರೇನಿಯಂ ಪೂರೈಕೆ ಒಪ್ಪಂದ, ಇದರ ಅಡಿಯಲ್ಲಿ ಕೆನಡಾ ಭಾರತದ ನಾಗರಿಕ ಪರಮಾಣು ಇಂಧನ ಕ್ಷೇತ್ರವನ್ನು ಬೆಂಬಲಿಸುತ್ತದೆ.
ಮಂತ್ರಾಲಯ ಭಕ್ತರ ದರ್ಶನಕ್ಕಿಲ್ಲ ನಿರ್ಬಂಧ
ರಾಯಚೂರು,ಮಾ.3 - ಕೇತುಗ್ರಸ್ತ ಚಂದ್ರಗ್ರಹಣ ಹಿನ್ನೆಲೆಯಲ್ಲಿ ಮಂತ್ರಾಲಯದ ಗುರು ರಾಘವೇಂದ್ರಸ್ವಾಮಿ ಮಠದಲ್ಲಿ ರಾಯರ ದರ್ಶನಕ್ಕೆ ಯಾವುದೇ ನಿರ್ಬಂಧವಿಲ್ಲ. ಭಕ್ತರು ಎಂದಿನಂತೆ ರಾಯರ ವೃಂದಾವನದ ದರ್ಶನ ಪಡೆಯಬಹುದಾಗಿದೆ. ಮಠದ ಯಾವುದೇ ಬಾಗಿಲು ಮುಚ್ಚಿಲ್ಲ. ಆದರೆ, ಭಕ್ತರ ಸಂಖ್ಯೆಯಲ್ಲಿ ಭಾರಿ ಇಳಿಕೆ ಕಂಡು ಬಂದಿದೆ. ಒಂದೆಡೆ ಹೋಳಿ ಹುಣ್ಣಿಮೆ ಮತ್ತೊಂದೆಡೆ ಚಂದ್ರಗ್ರಹಣದಿಂದಾಗಿ ಭಕ್ತರ ಸಂಖ್ಯೆ ಕಡಿಮೆಯಾಗಿದೆ. ಮಂತ್ರಾಲಯದ ಮಠದಲ್ಲಿ ಗ್ರಹಣ ಕಾಲದಲ್ಲಿ ವಿಶೇಷ ಪೂಜೆ ಹಾಗೂ ಧಾರ್ಮಿಕ ಕಾರ್ಯಕ್ರಮಗಳು ನಡೆಯಲಿವೆ. ಬೆಳಗ್ಗೆಯಿಂದ ವೃಂದಾವನದಲ್ಲಿ ಪೂಜೆ ಪುನಸ್ಕಾರಗಳು ನೆರವೇರಿದ್ದು, ಅಲಂಕಾರ ಹಾಗೂ ಮಹಾಮಂಗಳಾರತಿ ನೆರವೇರಿಸಲಾಗಿದೆ. ಗ್ರಹಣದ ಸಮಯದಲ್ಲಿ ಮಠದಲ್ಲಿ ಯಾವುದೇ ಪ್ರಸಾದ ವಿತರಣೆ ಇರುವುದಿಲ್ಲ. ಗ್ರಹಣ ಮುಗಿದ ನಂತರ ಶುದ್ಧೀಕರಣ ಕಾರ್ಯ ನಡೆಯಲಿದೆ. ಗ್ರಹಣ ಸಮಯದಲ್ಲಿ, ಮಠಗಳ ವೃಂದಾವನದಲ್ಲಿ ಶಾಂತಿ ಹೋಮವನ್ನು ಮಾಡಲಾಗುತ್ತದೆ. ನಂತರ ಸ್ವಚ್ಛತೆ ಮತ್ತು ಜಲಾಭಿಷೇಕ ಮಾಡಲಾಗುತ್ತದೆ. ಆಗ ಮಾತ್ರ ರಾತ್ರಿಯಲ್ಲಿ ಸಾಮಾನ್ಯ ಪೂಜೆ, ತೀರ್ಥ ಮತ್ತು ಪ್ರಸಾದ ಎಂದಿನಂತೆ ಆಯೋಜಿಸಲಾಗುತ್ತದೆ. ಚಂದ್ರಗ್ರಹಣ ಹಿನ್ನೆಲೆಯಲ್ಲಿ ಭಕ್ತರ ಸಂಖ್ಯೆ ಕಡಿಮೆ ಇರುವುದರಿಂದ ಭಕ್ತರು ಮಂತ್ರಾಲಯದಲ್ಲಿ ಎಂದೂ ಬಾರಿ ರಾಯರ ವೃಂದಾವನದ ದರ್ಶನ ಪಡೆಯುವ ಮೂಲಕ ತಮ್ಮ ಸಂಕಷ್ಟಗಳನ್ನು ವ್ಯಕ್ತಪಡಿಸುತ್ತಿದ್ದಾರೆ. ಭಕ್ತರ ಸಂಖ್ಯೆ ಕಡಿಮೆ ಇರುವುದರಿಂದ, ಭಕ್ತರು ಮೊದಲಿಗಿಂತ ಸುಲಭವಾಗಿ ದರ್ಶನ ಪಡೆಯುತ್ತಿದ್ದಾರೆ.
100 ವಿಕಲಚೇತನರಿಗೆ ಪದವಿ ಪ್ರದಾನ
ಬೆಂಗಳೂರು,ಮಾ.3: ವಿಕಲಚೇತನರನ್ನು ಆರ್ಥಿಕವಾಗಿ ಸ್ವಾವಲಂಬಿಗಳನ್ನಾಗಿ ಮಾಡಲು ಬದ್ಧವಾಗಿರುವ 'ಇಂಡಿಯಾ, ಅಂಗವಿಕಲ ವ್ಯಕ್ತಿಗಳ ಕೌಶಲ್ಯ ಮಂಡಳಿ ಸಹಭಾಗಿತ್ವದಲ್ಲಿ ಕೌಶಲ್ಯ ತರಬೇತಿ ನೀಡುತ್ತಿದ್ದು, ಈ ವರ್ಷದಲ್ಲಿ 100 ವಿಕಲಚೇತನರು ಪದವಿ ಪಡೆದು ಉದ್ಯೋಗ ಗಿಟ್ಟಿಸಿಕೊಂಡಿದ್ದಾರೆ. ನಗರದಲ್ಲಿ ನಡೆದ ಘಟಿಕೋತ್ಸವದಲ್ಲಿ ಉತ್ತೀರ್ಣ ವಿಕಲಚೇತನರಿಗೆ ಪದವಿ ಪ್ರದಾನ ಮಾಡಲಾಯಿತು. ಈ ವೇಳೆ ಮಾತನಾಡಿದ ಸಂಸ್ಥೆಯ ನಿರ್ದೇಶಕರು, ನಮ್ಮ ಸಂಸ್ಥೆಯು ಕೌಶಲ್ಯಾಭಿವೃದ್ಧಿ ಮೂಲಕ ವಿಕಲಚೇತನರಿಗೆ ಆತ್ಮವಿಶ್ವಾಸ ತುಂಬುವ ಕೆಲಸ ಮಾಡುತ್ತಿದೆ. ಸಾಮಾಜಿಕ ಹಾಗೂ ಆರ್ಥಿಕ ಸ್ವಾವಲಂಬನೆ ಸಾಧಿಸಲು ನೆರವಾಗುತ್ತಿದೆ ಎಂದು ತಿಳಿಸಿದರು.
ಎಫ್‌ಟಿಸಿ ಸರ್ವಿಸಸ್, ಹಾಸ್ಪಿಟಾಲಿಟಿ ಆಪರೇಷನ್, ಕಸ್ಟಮರ್ ಸರ್ವಿಸ್, ಸಾಫ್ಟ್ ಸ್ಕಿಲ್ ಸೇರಿದಂತೆ ಕಳವು ರೀತಿಯ ತರಬೇತಿ ನೀಡಲಾಗುತ್ತದೆ. ಇವರಿಗೆ ಅರ್ಜಿ ತರಬೇತಿ ಪಡೆದವರು ತರಬೇತಿ ಕೊಡಿಸಲಾಗುತ್ತದೆ. ಈ ಶೈಕ್ಷಣಿಕ ಸಾಲಿನಲ್ಲಿ 100 ವಿಕಲಚೇತನರಿಗೆ ಪದವಿ ವಿತರಿಸಲಾಗಿದ್ದು, ಭವಿಷ್ಯದಲ್ಲಿ ಇನ್ನಷ್ಟು ವಿಕಲಚೇತನರು ಇದರ ಪ್ರಯೋಜನ ಪಡೆದುಕೊಂಡು ಉದ್ಯೋಗಸ್ಥರಾಗಿ ಸ್ವಾವಲಂಬನೆಯ ಜೀವನ ನಡೆಸುವ ಸಾಮರ್ಥ್ಯ ನಿರ್ಮಿಸಿಕೊಡಲಾಗುವುದು ಎಂದು ಹೇಳಿದರು. ಭಾರತದಾದ್ಯಂತ ಈ ರೀತಿಯ ತರಬೇತಿ ನೀಡುತ್ತಾ ಬರಲಾಗಿದ್ದು, ಈ ಕೇಂದ್ರದಲ್ಲಿ ತರಬೇತಿ ಪಡೆದ ವಿಕಲಚೇತನರು ಉದ್ಯೋಗ ಪಡೆಯುವುದರ ಜೊತೆಗೆ ಆತ್ಮವಿಶ್ವಾಸವನ್ನು ಪಡೆದುಕೊಂಡಿದ್ದಾರೆ. ಇದಕ್ಕಾಗಿ ಸರ್ಕಾರ ಹಾಗೂ ಖಾಸಗಿ ಸಂಸ್ಥೆಗಳ ಸಹಯೋಗದೊಂದಿಗೆ ಉದ್ಯೋಗ ಕೂಡ ದೊರೆಯಲಿದೆ ಎಂದರು.
Sanjevani - Printed and Published by B.T.Amuthan on behalf of M/s Karnataka News Publications (P) Ltd. Printed at Dinasudar Printing Division, 11/2, Queen's Road, Bangalore, Karnataka - 560052.
Published at M/s Karnataka News Publications (P) Ltd. 11/2, Queen's Road, Bangalore, Karnataka - 560052. Editor: B.T. Amuthan. RNI No.36667/82
